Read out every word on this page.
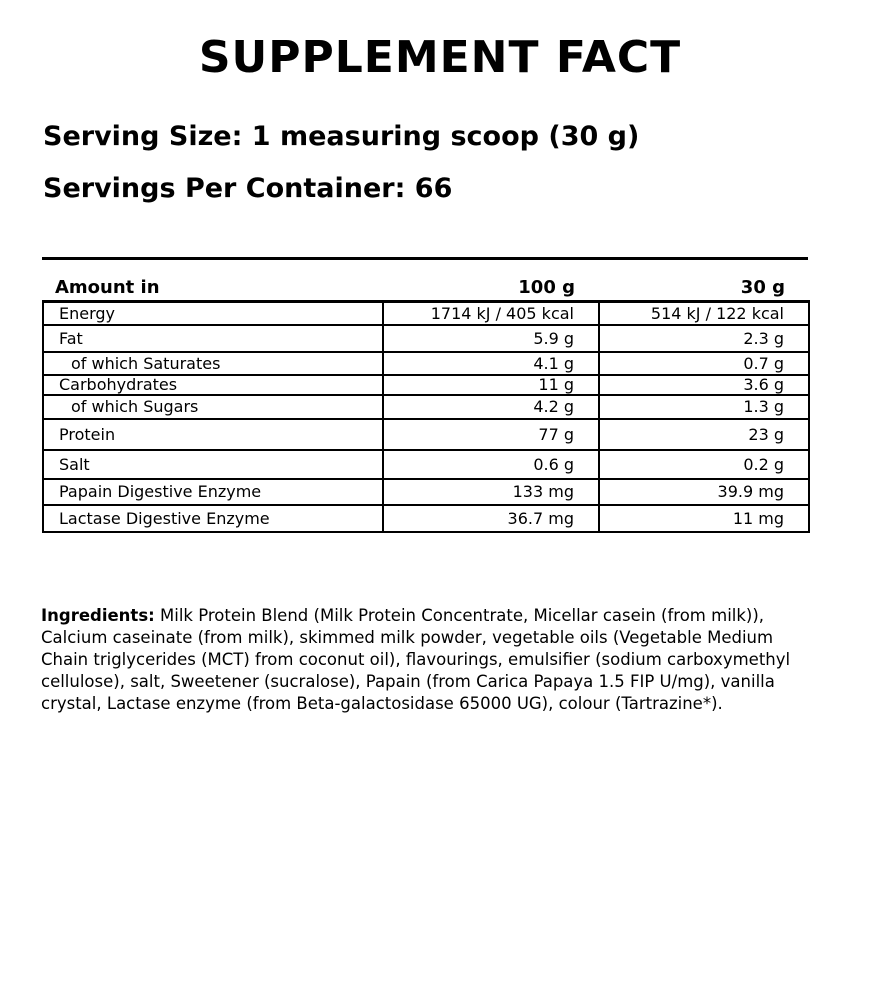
SUPPLEMENT FACT

Serving Size: 1 measuring scoop (30 g)

Servings Per Container: 66

Amount in	100 g	30 g
Energy	1714 kJ / 405 kcal	514 kJ / 122 kcal
Fat	5.9 g	2.3 g
of which Saturates	4.1 g	0.7 g
Carbohydrates	11 g	3.6 g
of which Sugars	4.2 g	1.3 g
Protein	77 g	23 g
Salt	0.6 g	0.2 g
Papain Digestive Enzyme	133 mg	39.9 mg
Lactase Digestive Enzyme	36.7 mg	11 mg

Ingredients: Milk Protein Blend (Milk Protein Concentrate, Micellar casein (from milk)), Calcium caseinate (from milk), skimmed milk powder, vegetable oils (Vegetable Medium Chain triglycerides (MCT) from coconut oil), flavourings, emulsifier (sodium carboxymethyl cellulose), salt, Sweetener (sucralose), Papain (from Carica Papaya 1.5 FIP U/mg), vanilla crystal, Lactase enzyme (from Beta-galactosidase 65000 UG), colour (Tartrazine*).
